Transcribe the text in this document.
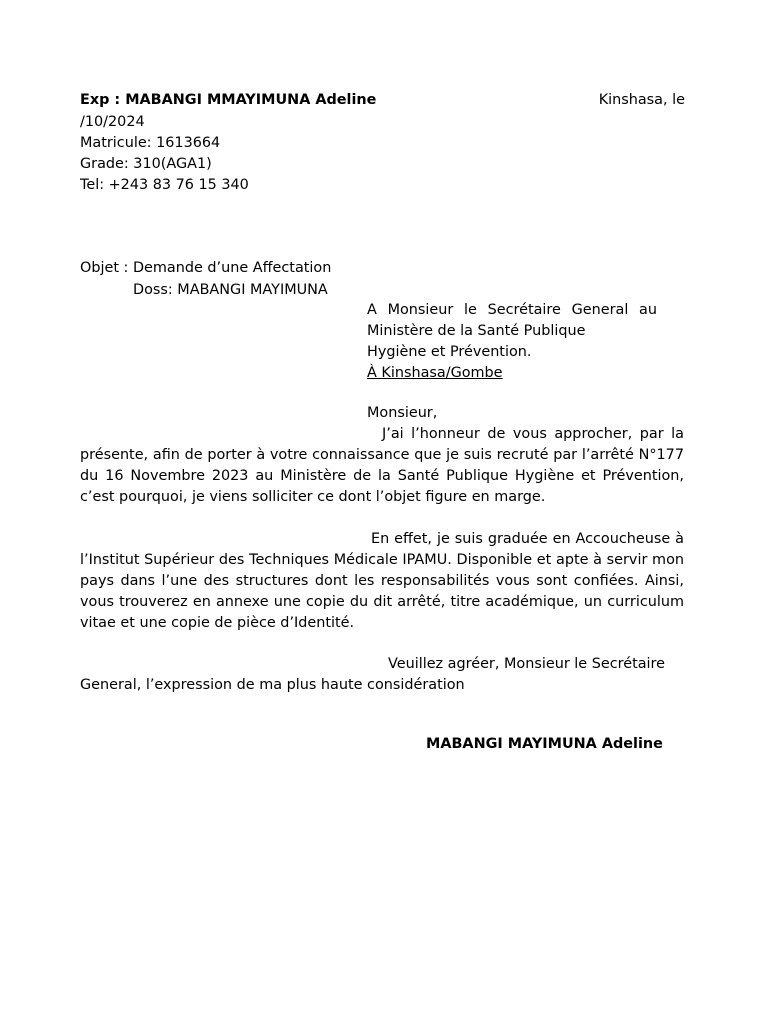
Exp : MABANGI MMAYIMUNA Adeline	Kinshasa, le
/10/2024
Matricule: 1613664
Grade: 310(AGA1)
Tel: +243 83 76 15 340
Objet : Demande d’une Affectation
Doss: MABANGI MAYIMUNA
A Monsieur le Secrétaire General au Ministère de la Santé Publique
Hygiène et Prévention.
À Kinshasa/Gombe
Monsieur,
J’ai l’honneur de vous approcher, par la présente, afin de porter à votre connaissance que je suis recruté par l’arrêté N°177 du 16 Novembre 2023 au Ministère de la Santé Publique Hygiène et Prévention, c’est pourquoi, je viens solliciter ce dont l’objet figure en marge.
En effet, je suis graduée en Accoucheuse à l’Institut Supérieur des Techniques Médicale IPAMU. Disponible et apte à servir mon pays dans l’une des structures dont les responsabilités vous sont confiées. Ainsi, vous trouverez en annexe une copie du dit arrêté, titre académique, un curriculum vitae et une copie de pièce d’Identité.
Veuillez agréer, Monsieur le Secrétaire General, l’expression de ma plus haute considération
MABANGI MAYIMUNA Adeline
